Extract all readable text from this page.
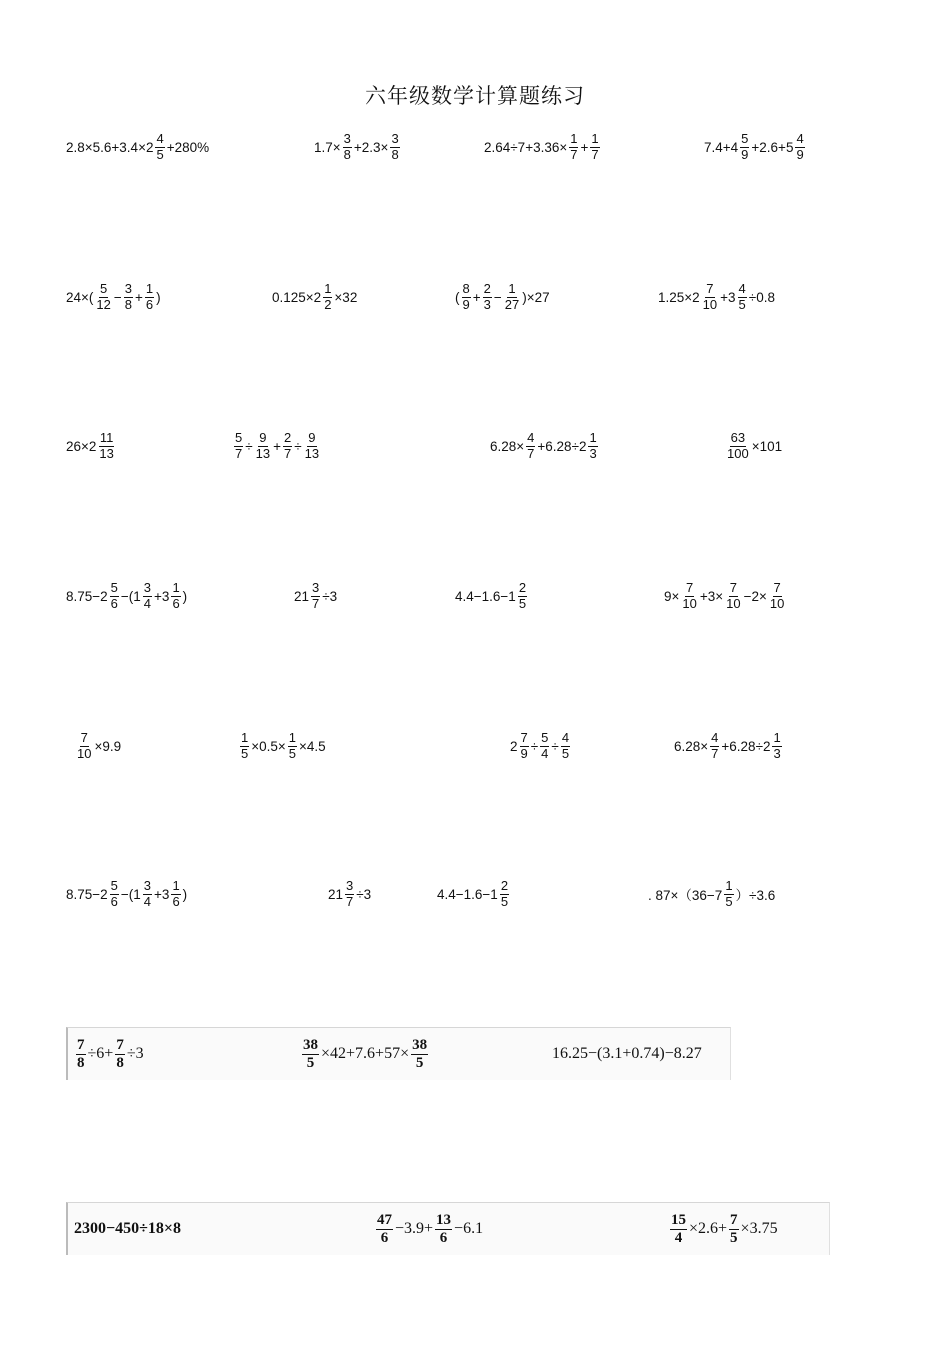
六年级数学计算题练习
$2.8\times 5.6+3.4\times 2 \frac{4}{5} +280\%$	$1.7\times \frac{3}{8} +2.3\times \frac{3}{8}$	$2.64\div 7+3.36\times \frac{1}{7} + \frac{1}{7}$	$7.4+4 \frac{5}{9} +2.6+5 \frac{4}{9}$
$24\times( \frac{5}{12} - \frac{3}{8} + \frac{1}{6}$ )	$0.125\times 2 \frac{1}{2} \times 32$	( $\frac{8}{9} + \frac{2}{3} - \frac{1}{27} )\times 27$	$1.25\times 2 \frac{7}{10} +3 \frac{4}{5} \div 0.8$
$26\times 2 \frac{11}{13}$	$\frac{5}{7} \div \frac{9}{13} + \frac{2}{7} \div \frac{9}{13}$	$6.28\times \frac{4}{7} +6.28\div 2 \frac{1}{3}$	$\frac{63}{100} \times 101$
$8.75-2 \frac{5}{6} -(1 \frac{3}{4} +3 \frac{1}{6}$ )	$21 \frac{3}{7} \div 3$	$4.4-1.6-1 \frac{2}{5}$	$9\times \frac{7}{10} +3\times \frac{7}{10} -2\times \frac{7}{10}$
$\frac{7}{10} \times 9.9$	$\frac{1}{5} \times 0.5\times \frac{1}{5} \times 4.5$	$2 \frac{7}{9} \div \frac{5}{4} \div \frac{4}{5}$	$6.28\times \frac{4}{7} +6.28\div 2 \frac{1}{3}$
$8.75-2 \frac{5}{6} -(1 \frac{3}{4} +3 \frac{1}{6}$ )	$21 \frac{3}{7} \div 3$	$4.4-1.6-1 \frac{2}{5}$	. $87\times(36-7 \frac{1}{5} )\div 3.6$
$\frac{7}{8} \div 6+ \frac{7}{8} \div 3$	$\frac{38}{5} \times 42+7.6+57\times \frac{38}{5}$	16.25−(3.1+0.74)−8.27
2300−450÷18×8	$\frac{47}{6} -3.9+ \frac{13}{6} -6.1$	$\frac{15}{4} \times 2.6+ \frac{7}{5} \times 3.75$
